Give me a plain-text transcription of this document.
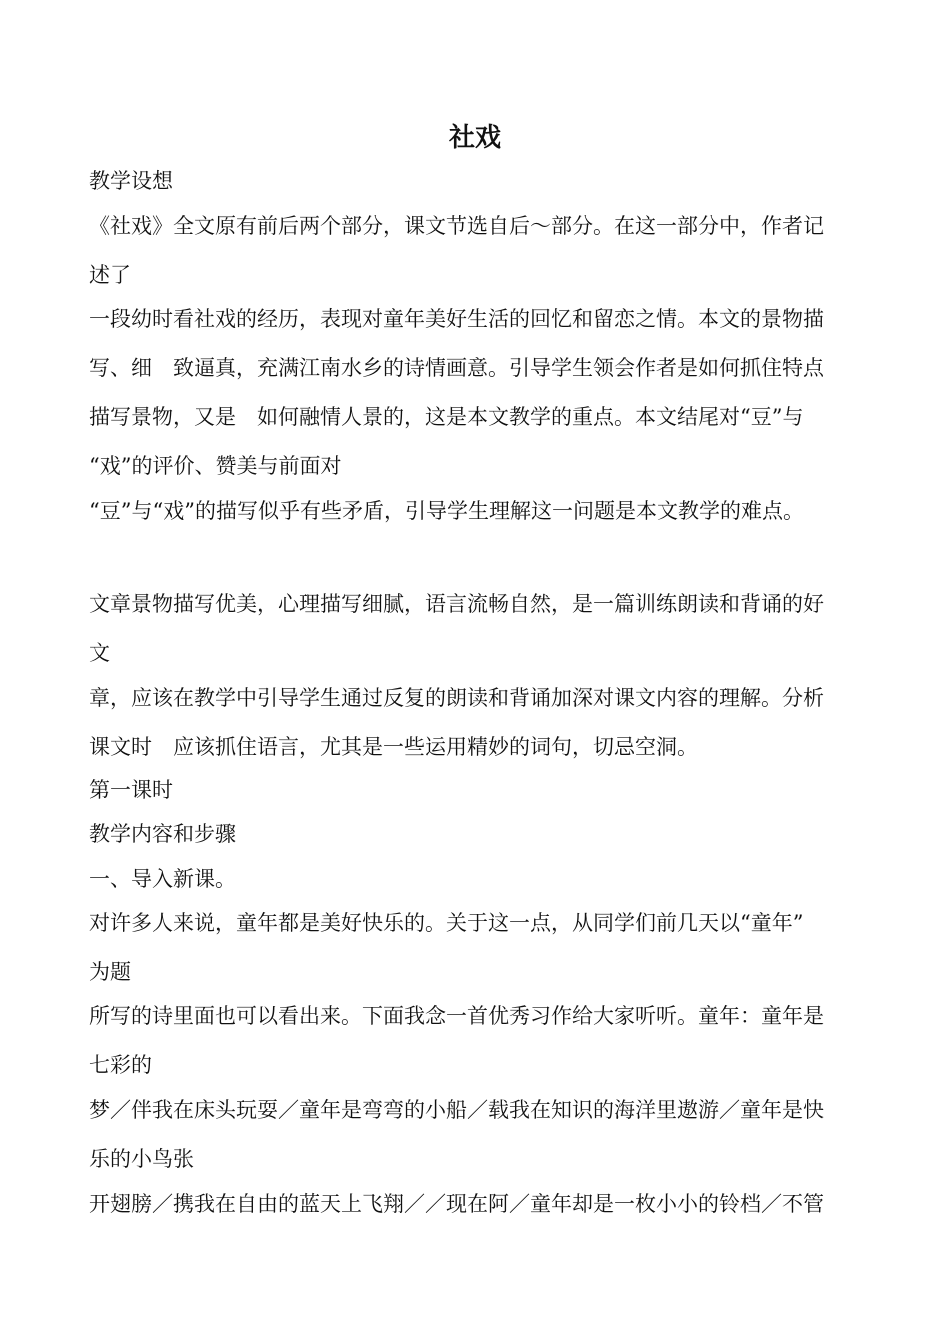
社戏
教学设想
《社戏》全文原有前后两个部分，课文节选自后～部分。在这一部分中，作者记
述了
一段幼时看社戏的经历，表现对童年美好生活的回忆和留恋之情。本文的景物描
写、细　致逼真，充满江南水乡的诗情画意。引导学生领会作者是如何抓住特点
描写景物，又是　如何融情人景的，这是本文教学的重点。本文结尾对“豆”与
“戏”的评价、赞美与前面对
“豆”与“戏”的描写似乎有些矛盾，引导学生理解这一问题是本文教学的难点。
文章景物描写优美，心理描写细腻，语言流畅自然，是一篇训练朗读和背诵的好
文
章，应该在教学中引导学生通过反复的朗读和背诵加深对课文内容的理解。分析
课文时　应该抓住语言，尤其是一些运用精妙的词句，切忌空洞。
第一课时
教学内容和步骤
一、导入新课。
对许多人来说，童年都是美好快乐的。关于这一点，从同学们前几天以“童年”
为题
所写的诗里面也可以看出来。下面我念一首优秀习作给大家听听。童年：童年是
七彩的
梦／伴我在床头玩耍／童年是弯弯的小船／载我在知识的海洋里遨游／童年是快
乐的小鸟张
开翅膀／携我在自由的蓝天上飞翔／／现在阿／童年却是一枚小小的铃档／不管
